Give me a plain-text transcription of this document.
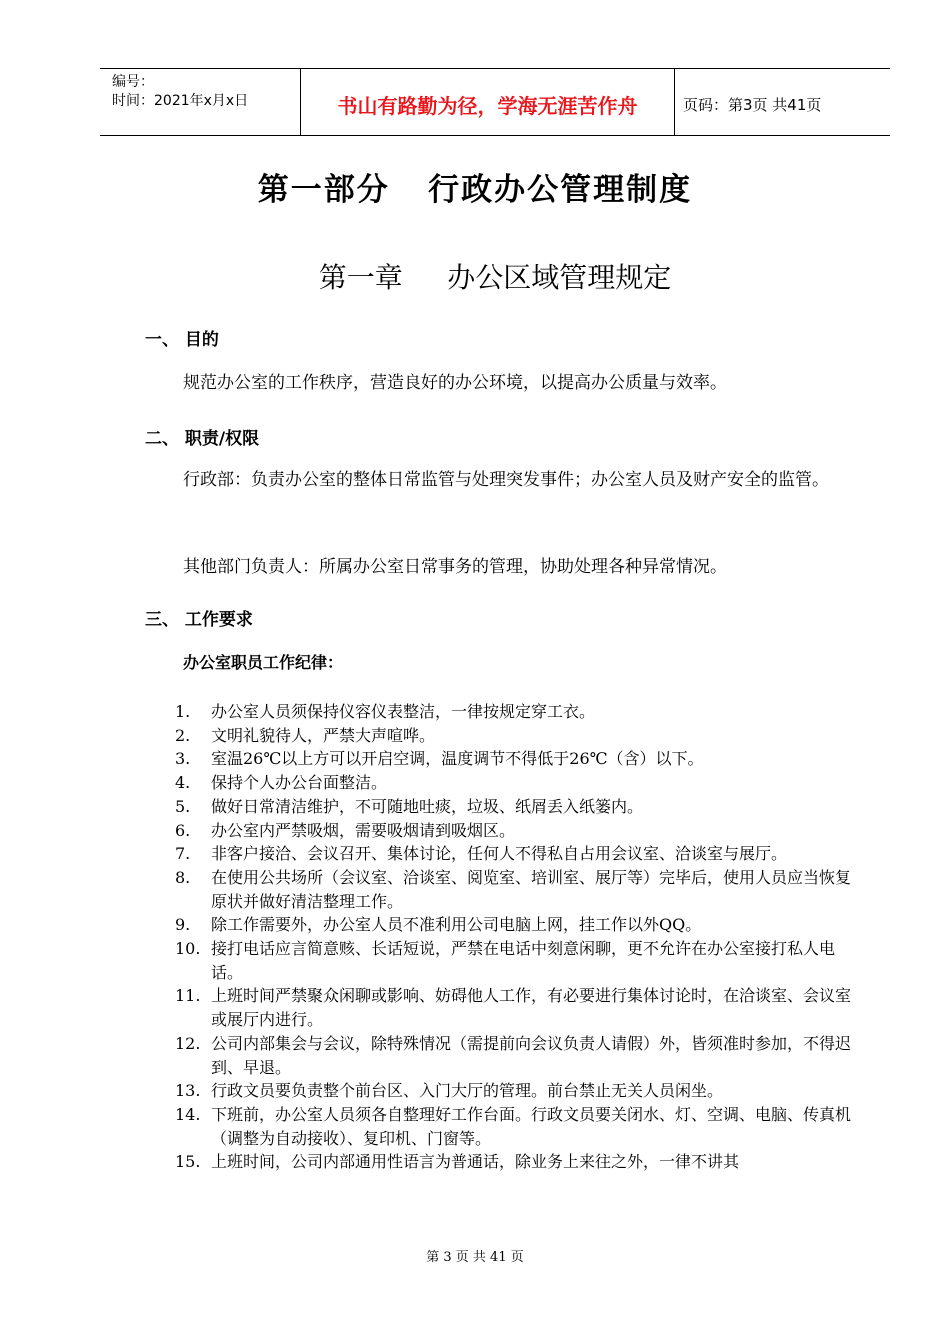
编号：
时间：2021年x月x日	书山有路勤为径，学海无涯苦作舟	页码：第3页 共41页
第一部分   行政办公管理制度
第一章     办公区域管理规定
一、 目的
规范办公室的工作秩序，营造良好的办公环境，以提高办公质量与效率。
二、 职责/权限
行政部：负责办公室的整体日常监管与处理突发事件；办公室人员及财产安全的监管。
其他部门负责人：所属办公室日常事务的管理，协助处理各种异常情况。
三、 工作要求
办公室职员工作纪律：
1. 办公室人员须保持仪容仪表整洁，一律按规定穿工衣。
2. 文明礼貌待人，严禁大声喧哗。
3. 室温26℃以上方可以开启空调，温度调节不得低于26℃（含）以下。
4. 保持个人办公台面整洁。
5. 做好日常清洁维护，不可随地吐痰，垃圾、纸屑丢入纸篓内。
6. 办公室内严禁吸烟，需要吸烟请到吸烟区。
7. 非客户接洽、会议召开、集体讨论，任何人不得私自占用会议室、洽谈室与展厅。
8. 在使用公共场所（会议室、洽谈室、阅览室、培训室、展厅等）完毕后，使用人员应当恢复原状并做好清洁整理工作。
9. 除工作需要外，办公室人员不准利用公司电脑上网，挂工作以外QQ。
10. 接打电话应言简意赅、长话短说，严禁在电话中刻意闲聊，更不允许在办公室接打私人电话。
11. 上班时间严禁聚众闲聊或影响、妨碍他人工作，有必要进行集体讨论时，在洽谈室、会议室或展厅内进行。
12. 公司内部集会与会议，除特殊情况（需提前向会议负责人请假）外，皆须准时参加，不得迟到、早退。
13. 行政文员要负责整个前台区、入门大厅的管理。前台禁止无关人员闲坐。
14. 下班前，办公室人员须各自整理好工作台面。行政文员要关闭水、灯、空调、电脑、传真机（调整为自动接收）、复印机、门窗等。
15. 上班时间，公司内部通用性语言为普通话，除业务上来往之外，一律不讲其
第 3 页 共 41 页
